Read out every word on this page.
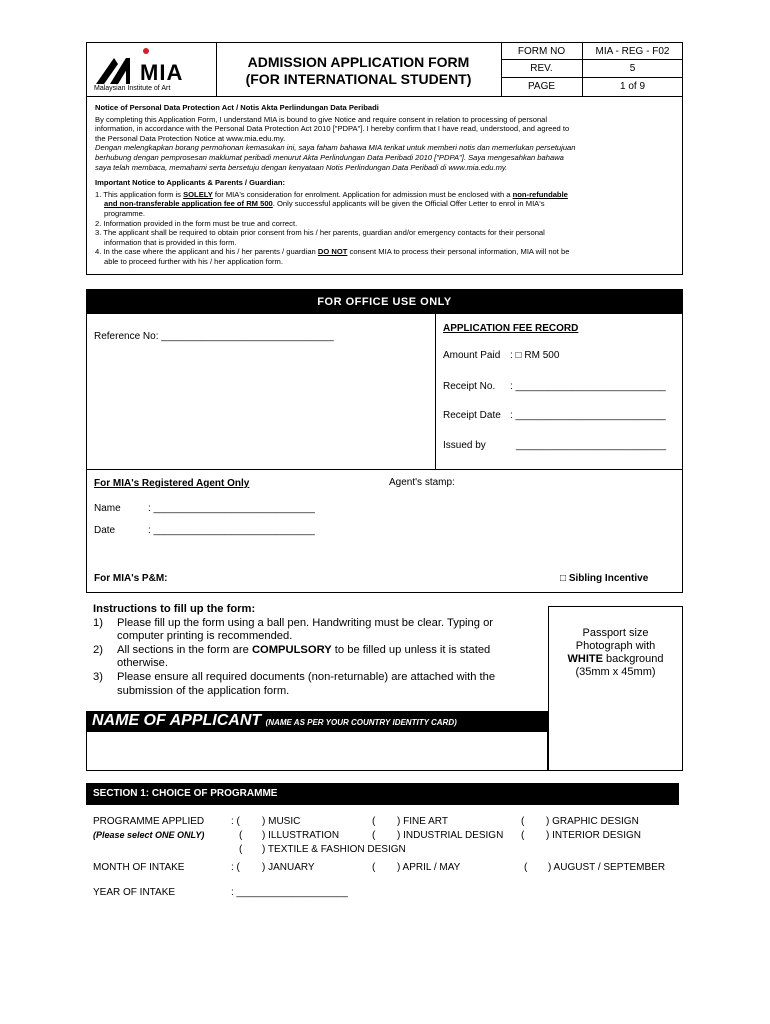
MIA
Malaysian Institute of Art
ADMISSION APPLICATION FORM
(FOR INTERNATIONAL STUDENT)
FORM NO	MIA - REG - F02
REV.	5
PAGE	1 of 9
Notice of Personal Data Protection Act / Notis Akta Perlindungan Data Peribadi
By completing this Application Form, I understand MIA is bound to give Notice and require consent in relation to processing of personal
information, in accordance with the Personal Data Protection Act 2010 ["PDPA"]. I hereby confirm that I have read, understood, and agreed to
the Personal Data Protection Notice at www.mia.edu.my.
Dengan melengkapkan borang permohonan kemasukan ini, saya faham bahawa MIA terikat untuk memberi notis dan memerlukan persetujuan
berhubung dengan pemprosesan maklumat peribadi menurut Akta Perlindungan Data Peribadi 2010 ["PDPA"]. Saya mengesahkan bahawa
saya telah membaca, memahami serta bersetuju dengan kenyataan Notis Perlindungan Data Peribadi di www.mia.edu.my.
Important Notice to Applicants & Parents / Guardian:
1. This application form is SOLELY for MIA's consideration for enrolment. Application for admission must be enclosed with a non-refundable
and non-transferable application fee of RM 500. Only successful applicants will be given the Official Offer Letter to enrol in MIA's
programme.
2. Information provided in the form must be true and correct.
3. The applicant shall be required to obtain prior consent from his / her parents, guardian and/or emergency contacts for their personal
information that is provided in this form.
4. In the case where the applicant and his / her parents / guardian DO NOT consent MIA to process their personal information, MIA will not be
able to proceed further with his / her application form.
FOR OFFICE USE ONLY
Reference No: _______________________________
APPLICATION FEE RECORD
Amount Paid : □ RM 500
Receipt No. : ___________________________
Receipt Date : ___________________________
Issued by	___________________________
For MIA's Registered Agent Only	Agent's stamp:
Name	: _____________________________
Date	: _____________________________
For MIA's P&M:	□ Sibling Incentive
Instructions to fill up the form:
1)	Please fill up the form using a ball pen. Handwriting must be clear. Typing or
computer printing is recommended.
2)	All sections in the form are COMPULSORY to be filled up unless it is stated
otherwise.
3)	Please ensure all required documents (non-returnable) are attached with the
submission of the application form.
Passport size
Photograph with
WHITE background
(35mm x 45mm)
NAME OF APPLICANT (NAME AS PER YOUR COUNTRY IDENTITY CARD)
SECTION 1: CHOICE OF PROGRAMME
PROGRAMME APPLIED
(Please select ONE ONLY)
: ( ) MUSIC	( ) FINE ART	( ) GRAPHIC DESIGN
( ) ILLUSTRATION	( ) INDUSTRIAL DESIGN ( ) INTERIOR DESIGN
( ) TEXTILE & FASHION DESIGN
MONTH OF INTAKE	: ( ) JANUARY	( ) APRIL / MAY	( ) AUGUST / SEPTEMBER
YEAR OF INTAKE	: ____________________
